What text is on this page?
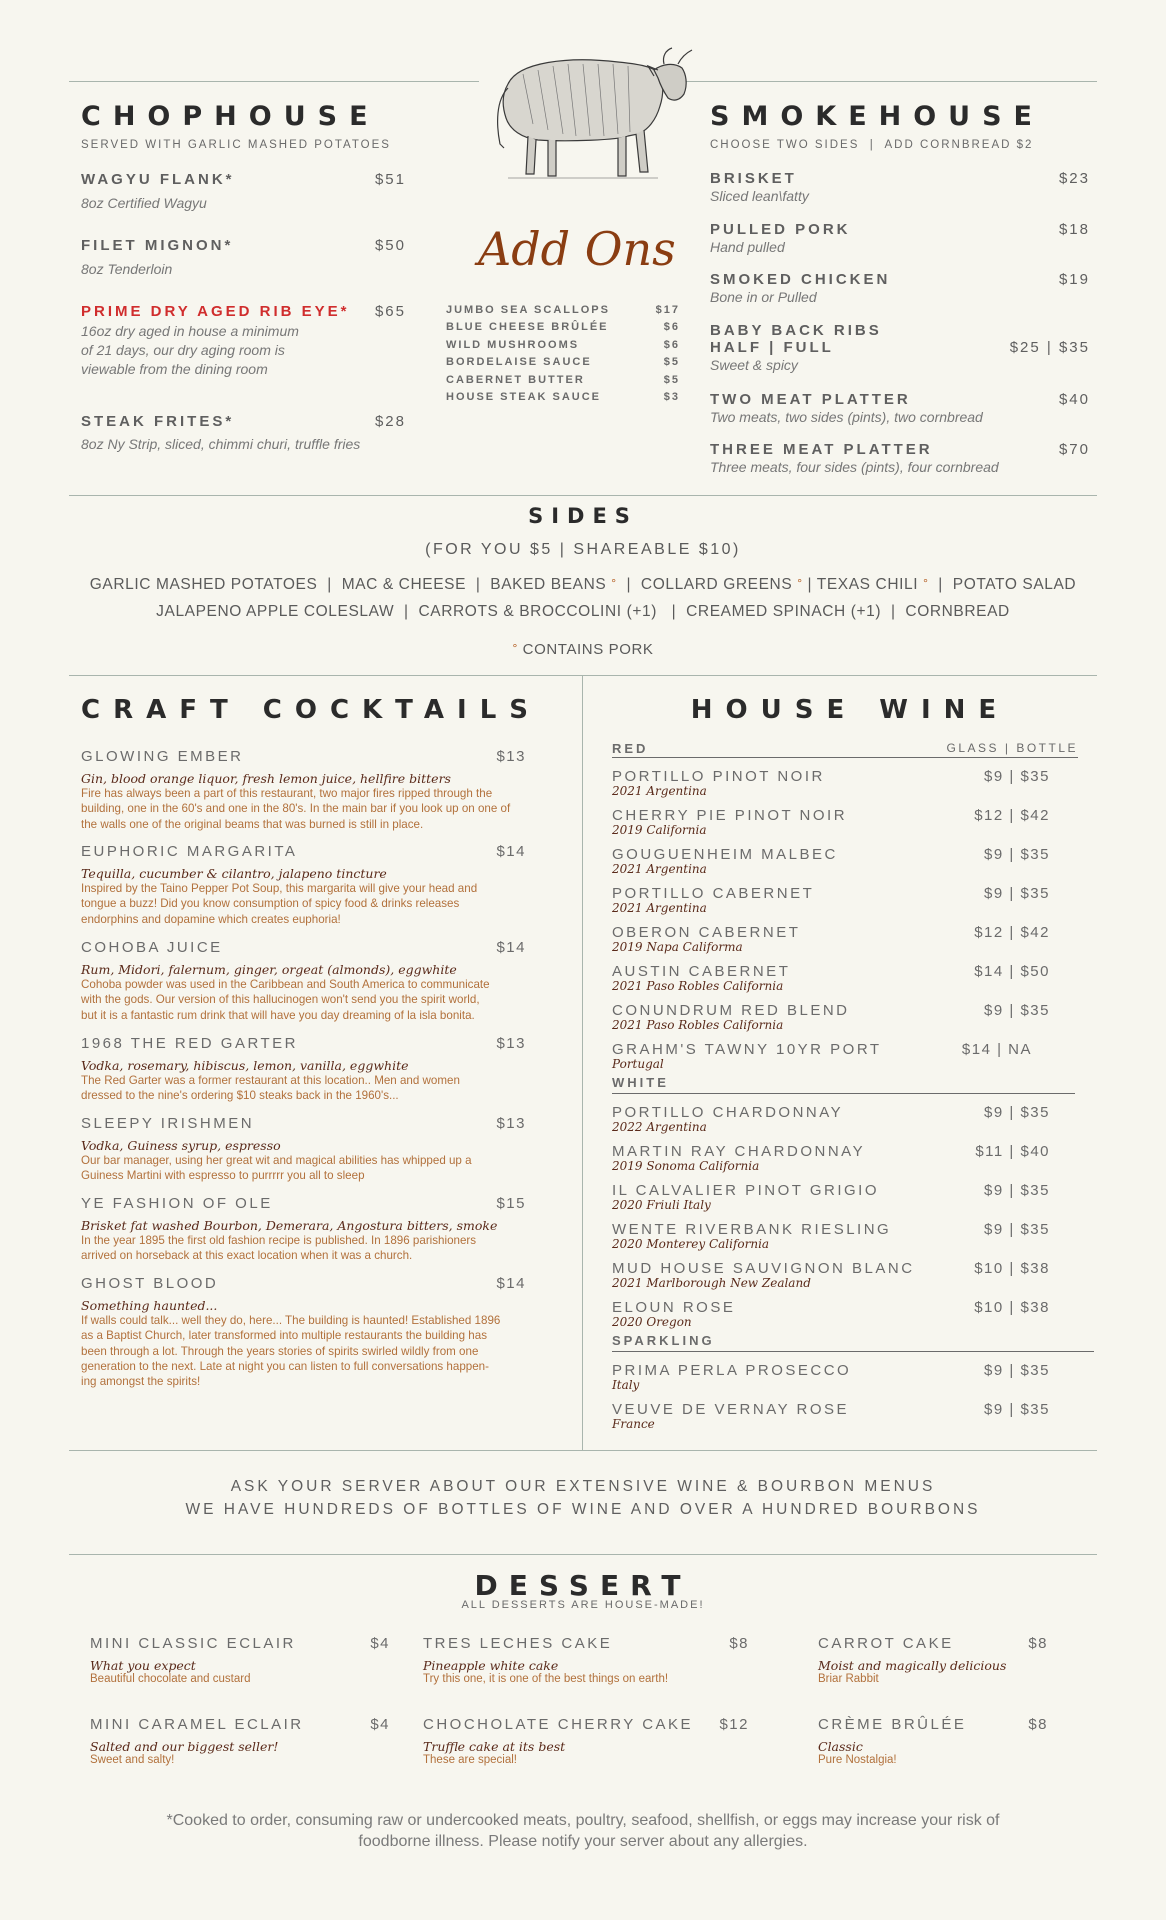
CHOPHOUSE
SERVED WITH GARLIC MASHED POTATOES
WAGYU FLANK*	$51
8oz Certified Wagyu
FILET MIGNON*	$50
8oz Tenderloin
PRIME DRY AGED RIB EYE*	$65
16oz dry aged in house a minimum
of 21 days, our dry aging room is
viewable from the dining room
STEAK FRITES*	$28
8oz Ny Strip, sliced, chimmi churi, truffle fries
Add Ons
JUMBO SEA SCALLOPS	$17
BLUE CHEESE BRÛLÉE	$6
WILD MUSHROOMS	$6
BORDELAISE SAUCE	$5
CABERNET BUTTER	$5
HOUSE STEAK SAUCE	$3
SMOKEHOUSE
CHOOSE TWO SIDES  |  ADD CORNBREAD $2
BRISKET	$23
Sliced lean\fatty
PULLED PORK	$18
Hand pulled
SMOKED CHICKEN	$19
Bone in or Pulled
BABY BACK RIBS
HALF | FULL	$25 | $35
Sweet & spicy
TWO MEAT PLATTER	$40
Two meats, two sides (pints), two cornbread
THREE MEAT PLATTER	$70
Three meats, four sides (pints), four cornbread
SIDES
(FOR YOU $5 | SHAREABLE $10)
GARLIC MASHED POTATOES  |  MAC & CHEESE  |  BAKED BEANS °  |  COLLARD GREENS ° | TEXAS CHILI °  |  POTATO SALAD
JALAPENO APPLE COLESLAW  |  CARROTS & BROCCOLINI (+1)   |  CREAMED SPINACH (+1)  |  CORNBREAD
° CONTAINS PORK
CRAFT COCKTAILS
GLOWING EMBER	$13
Gin, blood orange liquor, fresh lemon juice, hellfire bitters
Fire has always been a part of this restaurant, two major fires ripped through the
building, one in the 60's and one in the 80's. In the main bar if you look up on one of
the walls one of the original beams that was burned is still in place.
EUPHORIC MARGARITA	$14
Tequilla, cucumber & cilantro, jalapeno tincture
Inspired by the Taino Pepper Pot Soup, this margarita will give your head and
tongue a buzz! Did you know consumption of spicy food & drinks releases
endorphins and dopamine which creates euphoria!
COHOBA JUICE	$14
Rum, Midori, falernum, ginger, orgeat (almonds), eggwhite
Cohoba powder was used in the Caribbean and South America to communicate
with the gods. Our version of this hallucinogen won't send you the spirit world,
but it is a fantastic rum drink that will have you day dreaming of la isla bonita.
1968 THE RED GARTER	$13
Vodka, rosemary, hibiscus, lemon, vanilla, eggwhite
The Red Garter was a former restaurant at this location.. Men and women
dressed to the nine's ordering $10 steaks back in the 1960's...
SLEEPY IRISHMEN	$13
Vodka, Guiness syrup, espresso
Our bar manager, using her great wit and magical abilities has whipped up a
Guiness Martini with espresso to purrrrr you all to sleep
YE FASHION OF OLE	$15
Brisket fat washed Bourbon, Demerara, Angostura bitters, smoke
In the year 1895 the first old fashion recipe is published. In 1896 parishioners
arrived on horseback at this exact location when it was a church.
GHOST BLOOD	$14
Something haunted...
If walls could talk... well they do, here... The building is haunted! Established 1896
as a Baptist Church, later transformed into multiple restaurants the building has
been through a lot. Through the years stories of spirits swirled wildly from one
generation to the next. Late at night you can listen to full conversations happen-
ing amongst the spirits!
HOUSE WINE
RED	GLASS | BOTTLE
PORTILLO PINOT NOIR	$9 | $35
2021 Argentina
CHERRY PIE PINOT NOIR	$12 | $42
2019 California
GOUGUENHEIM MALBEC	$9 | $35
2021 Argentina
PORTILLO CABERNET	$9 | $35
2021 Argentina
OBERON CABERNET	$12 | $42
2019 Napa Califorma
AUSTIN CABERNET	$14 | $50
2021 Paso Robles California
CONUNDRUM RED BLEND	$9 | $35
2021 Paso Robles California
GRAHM'S TAWNY 10YR PORT	$14 | NA
Portugal
WHITE
PORTILLO CHARDONNAY	$9 | $35
2022 Argentina
MARTIN RAY CHARDONNAY	$11 | $40
2019 Sonoma California
IL CALVALIER PINOT GRIGIO	$9 | $35
2020 Friuli Italy
WENTE RIVERBANK RIESLING	$9 | $35
2020 Monterey California
MUD HOUSE SAUVIGNON BLANC	$10 | $38
2021 Marlborough New Zealand
ELOUN ROSE	$10 | $38
2020 Oregon
SPARKLING
PRIMA PERLA PROSECCO	$9 | $35
Italy
VEUVE DE VERNAY ROSE	$9 | $35
France
ASK YOUR SERVER ABOUT OUR EXTENSIVE WINE & BOURBON MENUS
WE HAVE HUNDREDS OF BOTTLES OF WINE AND OVER A HUNDRED BOURBONS
DESSERT
ALL DESSERTS ARE HOUSE-MADE!
MINI CLASSIC ECLAIR	$4
What you expect
Beautiful chocolate and custard
TRES LECHES CAKE	$8
Pineapple white cake
Try this one, it is one of the best things on earth!
CARROT CAKE	$8
Moist and magically delicious
Briar Rabbit
MINI CARAMEL ECLAIR	$4
Salted and our biggest seller!
Sweet and salty!
CHOCHOLATE CHERRY CAKE $12
Truffle cake at its best
These are special!
CRÈME BRÛLÉE	$8
Classic
Pure Nostalgia!
*Cooked to order, consuming raw or undercooked meats, poultry, seafood, shellfish, or eggs may increase your risk of
foodborne illness. Please notify your server about any allergies.
